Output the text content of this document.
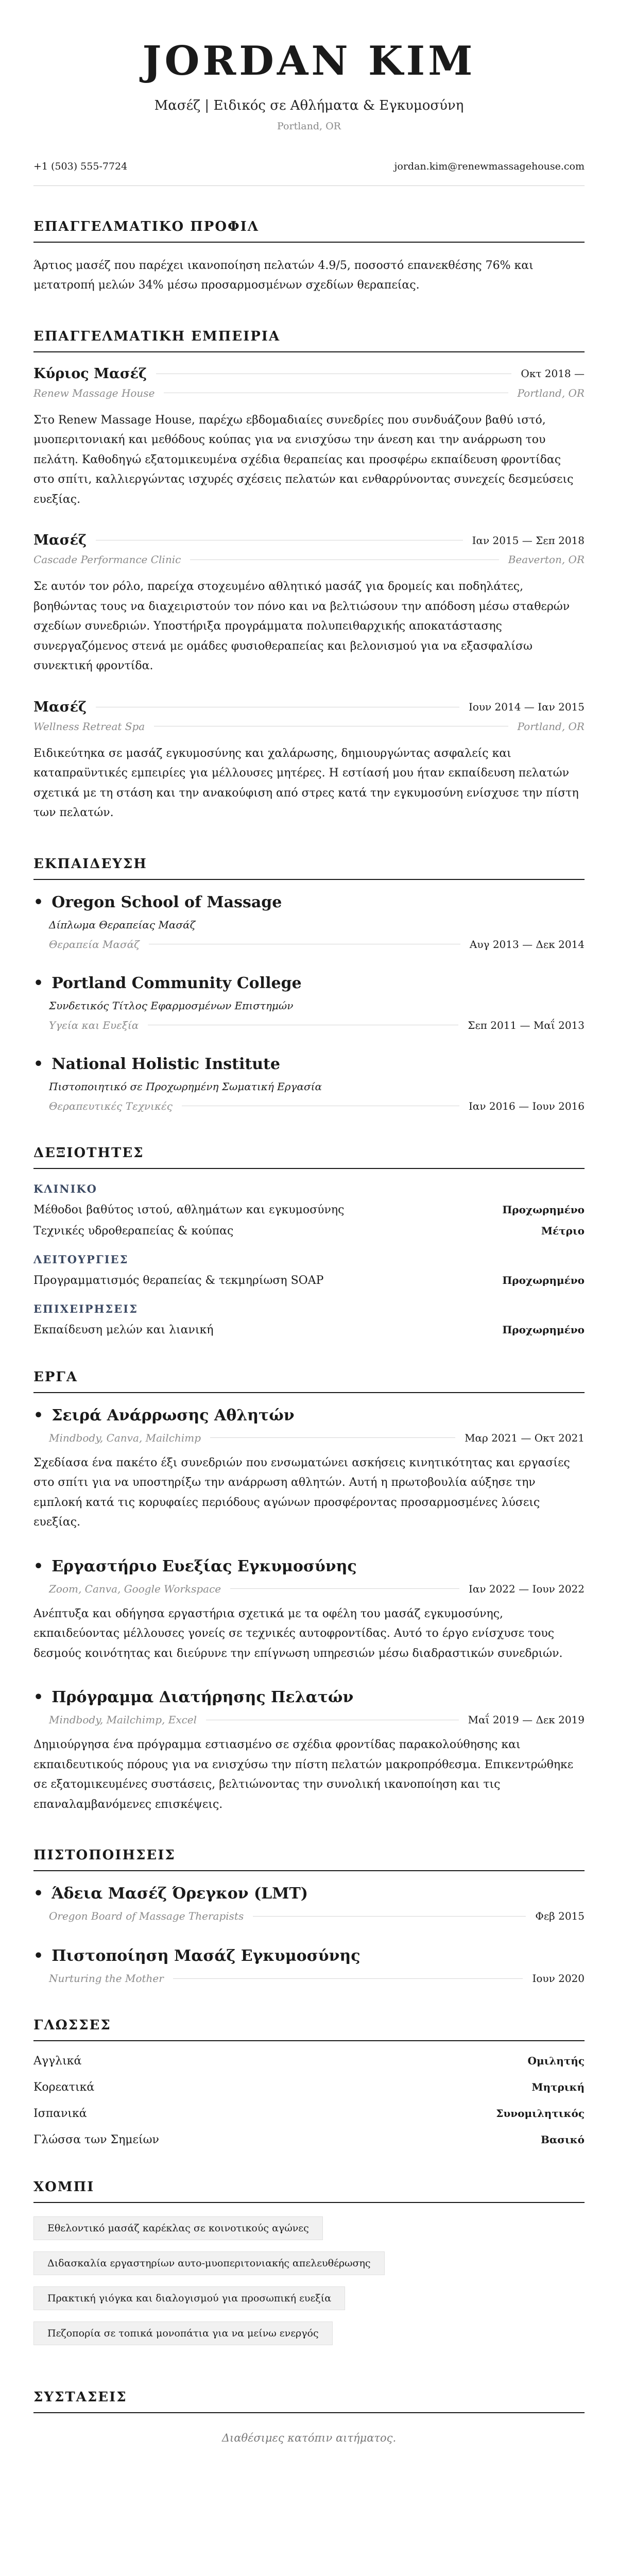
JORDAN KIM
Μασέζ | Ειδικός σε Αθλήματα & Εγκυμοσύνη
Portland, OR
+1 (503) 555-7724	jordan.kim@renewmassagehouse.com
ΕΠΑΓΓΕΛΜΑΤΙΚΟ ΠΡΟΦΙΛ
Άρτιος μασέζ που παρέχει ικανοποίηση πελατών 4.9/5, ποσοστό επανεκθέσης 76% και μετατροπή μελών 34% μέσω προσαρμοσμένων σχεδίων θεραπείας.
ΕΠΑΓΓΕΛΜΑΤΙΚΗ ΕΜΠΕΙΡΙΑ
Κύριος Μασέζ	Οκτ 2018 —
Renew Massage House	Portland, OR
Στο Renew Massage House, παρέχω εβδομαδιαίες συνεδρίες που συνδυάζουν βαθύ ιστό, μυοπεριτονιακή και μεθόδους κούπας για να ενισχύσω την άνεση και την ανάρρωση του πελάτη. Καθοδηγώ εξατομικευμένα σχέδια θεραπείας και προσφέρω εκπαίδευση φροντίδας στο σπίτι, καλλιεργώντας ισχυρές σχέσεις πελατών και ενθαρρύνοντας συνεχείς δεσμεύσεις ευεξίας.
Μασέζ	Ιαν 2015 — Σεπ 2018
Cascade Performance Clinic	Beaverton, OR
Σε αυτόν τον ρόλο, παρείχα στοχευμένο αθλητικό μασάζ για δρομείς και ποδηλάτες, βοηθώντας τους να διαχειριστούν τον πόνο και να βελτιώσουν την απόδοση μέσω σταθερών σχεδίων συνεδριών. Υποστήριξα προγράμματα πολυπειθαρχικής αποκατάστασης συνεργαζόμενος στενά με ομάδες φυσιοθεραπείας και βελονισμού για να εξασφαλίσω συνεκτική φροντίδα.
Μασέζ	Ιουν 2014 — Ιαν 2015
Wellness Retreat Spa	Portland, OR
Ειδικεύτηκα σε μασάζ εγκυμοσύνης και χαλάρωσης, δημιουργώντας ασφαλείς και καταπραϋντικές εμπειρίες για μέλλουσες μητέρες. Η εστίασή μου ήταν εκπαίδευση πελατών σχετικά με τη στάση και την ανακούφιση από στρες κατά την εγκυμοσύνη ενίσχυσε την πίστη των πελατών.
ΕΚΠΑΙΔΕΥΣΗ
• Oregon School of Massage
Δίπλωμα Θεραπείας Μασάζ
Θεραπεία Μασάζ	Αυγ 2013 — Δεκ 2014
• Portland Community College
Συνδετικός Τίτλος Εφαρμοσμένων Επιστημών
Υγεία και Ευεξία	Σεπ 2011 — Μαΐ 2013
• National Holistic Institute
Πιστοποιητικό σε Προχωρημένη Σωματική Εργασία
Θεραπευτικές Τεχνικές	Ιαν 2016 — Ιουν 2016
ΔΕΞΙΟΤΗΤΕΣ
ΚΛΙΝΙΚΟ
Μέθοδοι βαθύτος ιστού, αθλημάτων και εγκυμοσύνης	Προχωρημένο
Τεχνικές υδροθεραπείας & κούπας	Μέτριο
ΛΕΙΤΟΥΡΓΙΕΣ
Προγραμματισμός θεραπείας & τεκμηρίωση SOAP	Προχωρημένο
ΕΠΙΧΕΙΡΗΣΕΙΣ
Εκπαίδευση μελών και λιανική	Προχωρημένο
ΕΡΓΑ
• Σειρά Ανάρρωσης Αθλητών
Mindbody, Canva, Mailchimp	Μαρ 2021 — Οκτ 2021
Σχεδίασα ένα πακέτο έξι συνεδριών που ενσωματώνει ασκήσεις κινητικότητας και εργασίες στο σπίτι για να υποστηρίξω την ανάρρωση αθλητών. Αυτή η πρωτοβουλία αύξησε την εμπλοκή κατά τις κορυφαίες περιόδους αγώνων προσφέροντας προσαρμοσμένες λύσεις ευεξίας.
• Εργαστήριο Ευεξίας Εγκυμοσύνης
Zoom, Canva, Google Workspace	Ιαν 2022 — Ιουν 2022
Ανέπτυξα και οδήγησα εργαστήρια σχετικά με τα οφέλη του μασάζ εγκυμοσύνης, εκπαιδεύοντας μέλλουσες γονείς σε τεχνικές αυτοφροντίδας. Αυτό το έργο ενίσχυσε τους δεσμούς κοινότητας και διεύρυνε την επίγνωση υπηρεσιών μέσω διαδραστικών συνεδριών.
• Πρόγραμμα Διατήρησης Πελατών
Mindbody, Mailchimp, Excel	Μαΐ 2019 — Δεκ 2019
Δημιούργησα ένα πρόγραμμα εστιασμένο σε σχέδια φροντίδας παρακολούθησης και εκπαιδευτικούς πόρους για να ενισχύσω την πίστη πελατών μακροπρόθεσμα. Επικεντρώθηκε σε εξατομικευμένες συστάσεις, βελτιώνοντας την συνολική ικανοποίηση και τις επαναλαμβανόμενες επισκέψεις.
ΠΙΣΤΟΠΟΙΗΣΕΙΣ
• Άδεια Μασέζ Όρεγκον (LMT)
Oregon Board of Massage Therapists	Φεβ 2015
• Πιστοποίηση Μασάζ Εγκυμοσύνης
Nurturing the Mother	Ιουν 2020
ΓΛΩΣΣΕΣ
Αγγλικά	Ομιλητής
Κορεατικά	Μητρική
Ισπανικά	Συνομιλητικός
Γλώσσα των Σημείων	Βασικό
ΧΟΜΠΙ
Εθελοντικό μασάζ καρέκλας σε κοινοτικούς αγώνες
Διδασκαλία εργαστηρίων αυτο-μυοπεριτονιακής απελευθέρωσης
Πρακτική γιόγκα και διαλογισμού για προσωπική ευεξία
Πεζοπορία σε τοπικά μονοπάτια για να μείνω ενεργός
ΣΥΣΤΑΣΕΙΣ
Διαθέσιμες κατόπιν αιτήματος.
